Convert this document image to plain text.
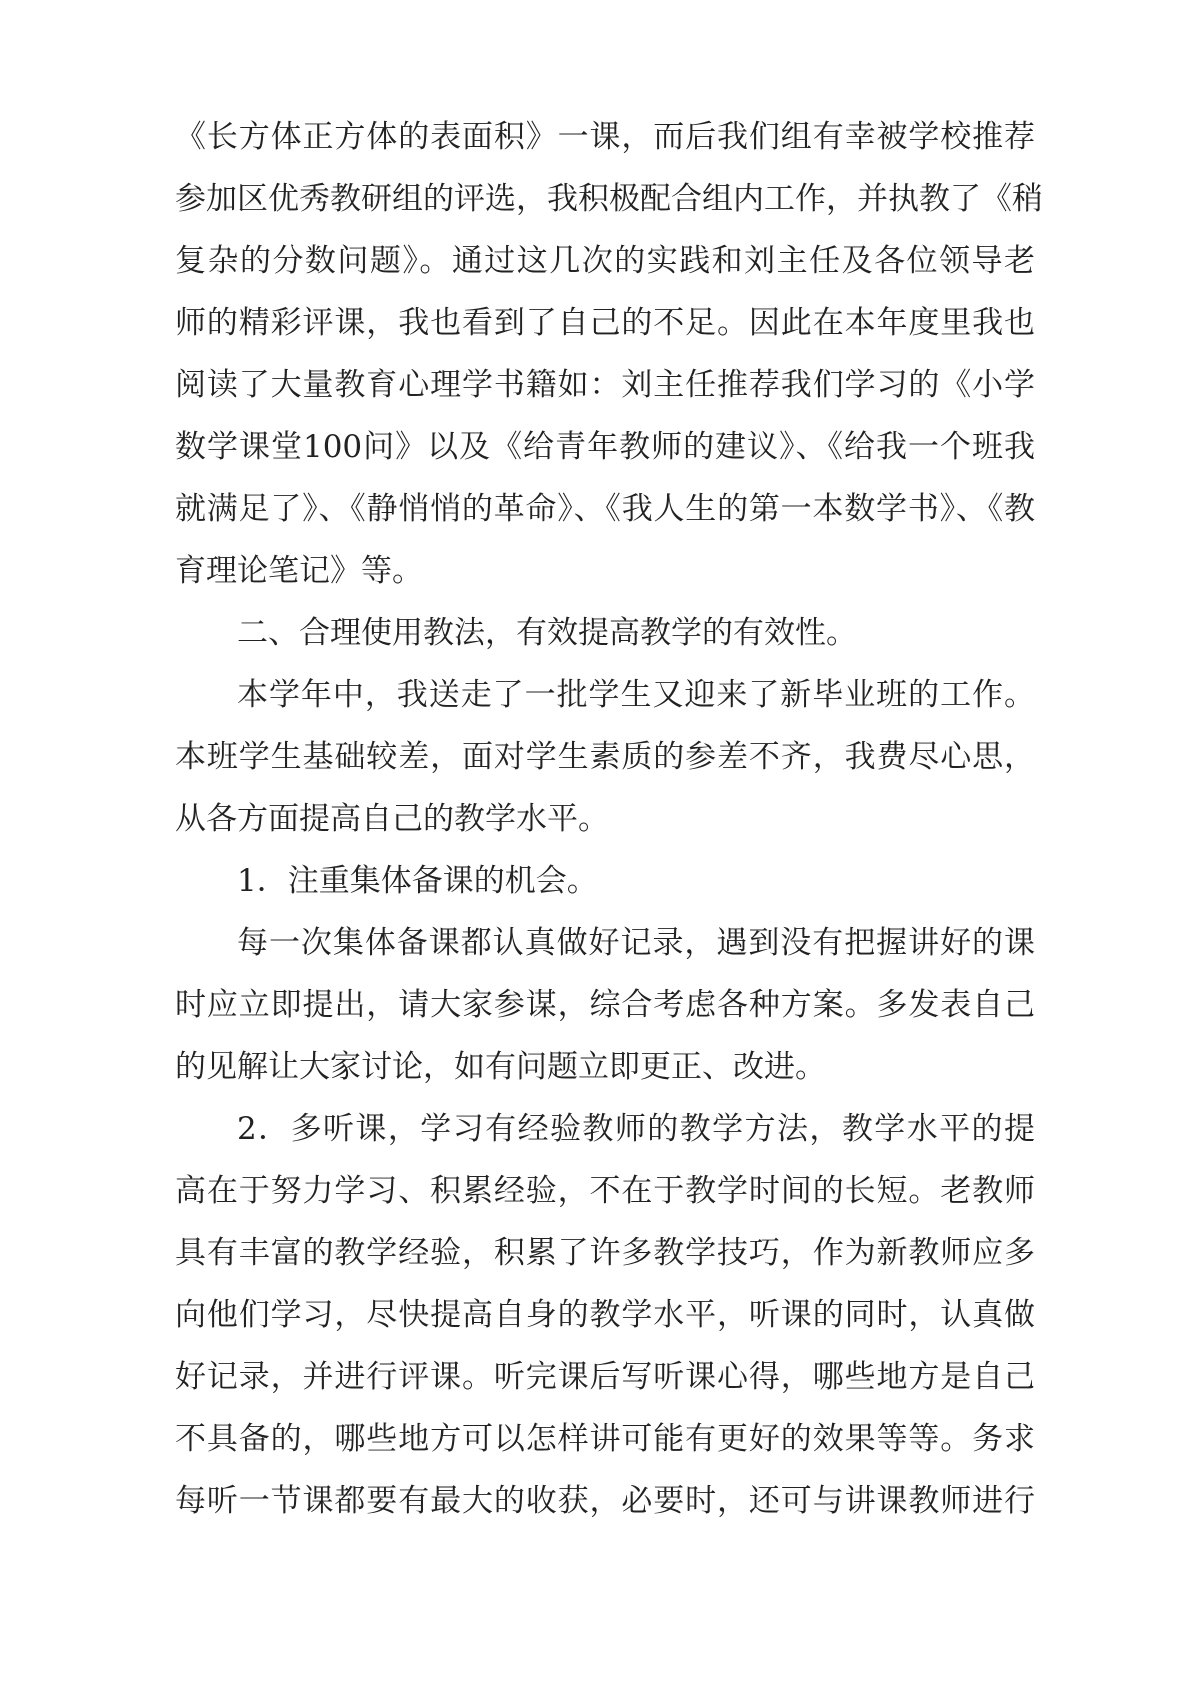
《长方体正方体的表面积》一课，而后我们组有幸被学校推荐
参加区优秀教研组的评选，我积极配合组内工作，并执教了《稍
复杂的分数问题》。通过这几次的实践和刘主任及各位领导老
师的精彩评课，我也看到了自己的不足。因此在本年度里我也
阅读了大量教育心理学书籍如：刘主任推荐我们学习的《小学
数学课堂100问》以及《给青年教师的建议》、《给我一个班我
就满足了》、《静悄悄的革命》、《我人生的第一本数学书》、《教
育理论笔记》等。
二、合理使用教法，有效提高教学的有效性。
本学年中，我送走了一批学生又迎来了新毕业班的工作。
本班学生基础较差，面对学生素质的参差不齐，我费尽心思，
从各方面提高自己的教学水平。
1．注重集体备课的机会。
每一次集体备课都认真做好记录，遇到没有把握讲好的课
时应立即提出，请大家参谋，综合考虑各种方案。多发表自己
的见解让大家讨论，如有问题立即更正、改进。
2．多听课，学习有经验教师的教学方法，教学水平的提
高在于努力学习、积累经验，不在于教学时间的长短。老教师
具有丰富的教学经验，积累了许多教学技巧，作为新教师应多
向他们学习，尽快提高自身的教学水平，听课的同时，认真做
好记录，并进行评课。听完课后写听课心得，哪些地方是自己
不具备的，哪些地方可以怎样讲可能有更好的效果等等。务求
每听一节课都要有最大的收获，必要时，还可与讲课教师进行
